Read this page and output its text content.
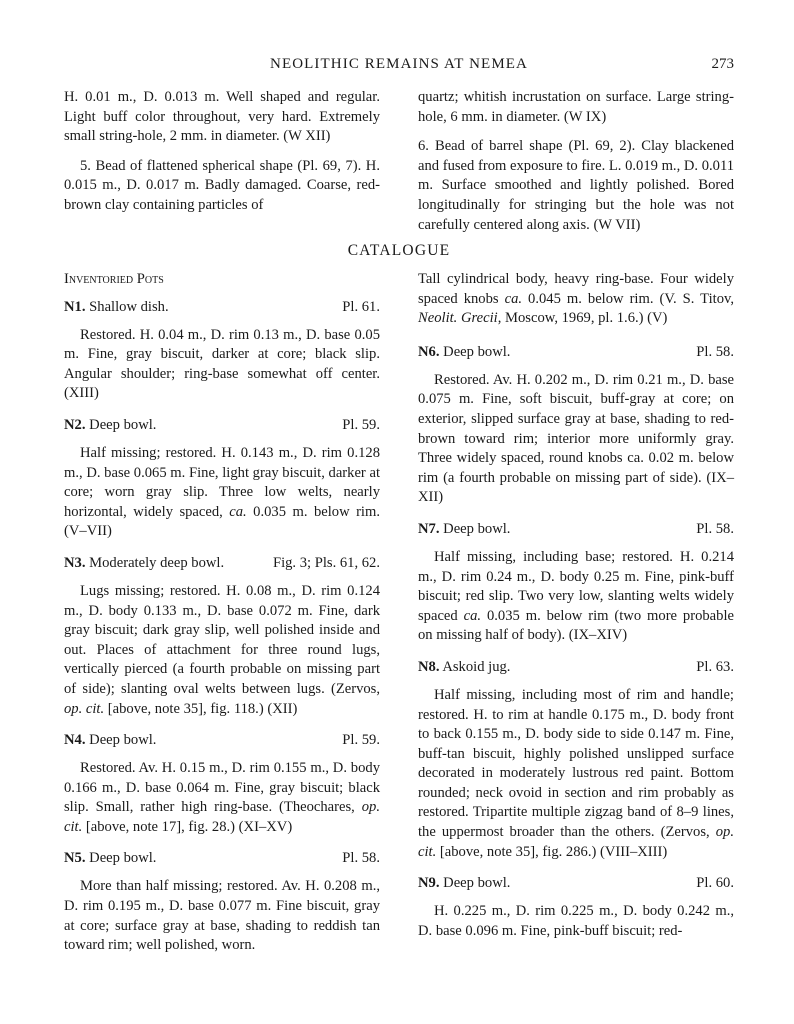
NEOLITHIC REMAINS AT NEMEA	273

H. 0.01 m., D. 0.013 m. Well shaped and regular. Light buff color throughout, very hard. Extremely small string-hole, 2 mm. in diameter. (W XII)

5. Bead of flattened spherical shape (Pl. 69, 7). H. 0.015 m., D. 0.017 m. Badly damaged. Coarse, red-brown clay containing particles of

quartz; whitish incrustation on surface. Large string-hole, 6 mm. in diameter. (W IX)

6. Bead of barrel shape (Pl. 69, 2). Clay blackened and fused from exposure to fire. L. 0.019 m., D. 0.011 m. Surface smoothed and lightly polished. Bored longitudinally for stringing but the hole was not carefully centered along axis. (W VII)

CATALOGUE
Inventoried Pots
N1. Shallow dish.	Pl. 61.

Restored. H. 0.04 m., D. rim 0.13 m., D. base 0.05 m. Fine, gray biscuit, darker at core; black slip. Angular shoulder; ring-base somewhat off center. (XIII)

N2. Deep bowl.	Pl. 59.

Half missing; restored. H. 0.143 m., D. rim 0.128 m., D. base 0.065 m. Fine, light gray biscuit, darker at core; worn gray slip. Three low welts, nearly horizontal, widely spaced, ca. 0.035 m. below rim. (V–VII)

N3. Moderately deep bowl.	Fig. 3; Pls. 61, 62.

Lugs missing; restored. H. 0.08 m., D. rim 0.124 m., D. body 0.133 m., D. base 0.072 m. Fine, dark gray biscuit; dark gray slip, well polished inside and out. Places of attachment for three round lugs, vertically pierced (a fourth probable on missing part of side); slanting oval welts between lugs. (Zervos, op. cit. [above, note 35], fig. 118.) (XII)

N4. Deep bowl.	Pl. 59.

Restored. Av. H. 0.15 m., D. rim 0.155 m., D. body 0.166 m., D. base 0.064 m. Fine, gray biscuit; black slip. Small, rather high ring-base. (Theochares, op. cit. [above, note 17], fig. 28.) (XI–XV)

N5. Deep bowl.	Pl. 58.

More than half missing; restored. Av. H. 0.208 m., D. rim 0.195 m., D. base 0.077 m. Fine biscuit, gray at core; surface gray at base, shading to reddish tan toward rim; well polished, worn.

Tall cylindrical body, heavy ring-base. Four widely spaced knobs ca. 0.045 m. below rim. (V. S. Titov, Neolit. Grecii, Moscow, 1969, pl. 1.6.) (V)

N6. Deep bowl.	Pl. 58.

Restored. Av. H. 0.202 m., D. rim 0.21 m., D. base 0.075 m. Fine, soft biscuit, buff-gray at core; on exterior, slipped surface gray at base, shading to red-brown toward rim; interior more uniformly gray. Three widely spaced, round knobs ca. 0.02 m. below rim (a fourth probable on missing part of side). (IX–XII)

N7. Deep bowl.	Pl. 58.

Half missing, including base; restored. H. 0.214 m., D. rim 0.24 m., D. body 0.25 m. Fine, pink-buff biscuit; red slip. Two very low, slanting welts widely spaced ca. 0.035 m. below rim (two more probable on missing half of body). (IX–XIV)

N8. Askoid jug.	Pl. 63.

Half missing, including most of rim and handle; restored. H. to rim at handle 0.175 m., D. body front to back 0.155 m., D. body side to side 0.147 m. Fine, buff-tan biscuit, highly polished unslipped surface decorated in moderately lustrous red paint. Bottom rounded; neck ovoid in section and rim probably as restored. Tripartite multiple zigzag band of 8–9 lines, the uppermost broader than the others. (Zervos, op. cit. [above, note 35], fig. 286.) (VIII–XIII)

N9. Deep bowl.	Pl. 60.

H. 0.225 m., D. rim 0.225 m., D. body 0.242 m., D. base 0.096 m. Fine, pink-buff biscuit; red-
